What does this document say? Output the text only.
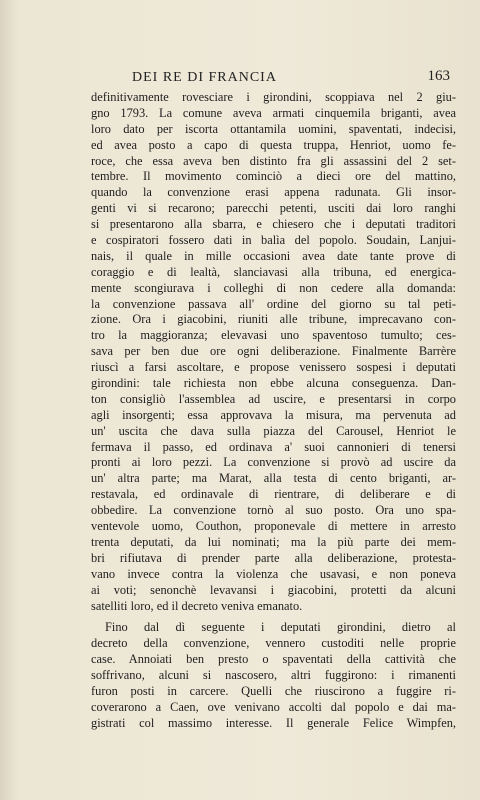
DEI RE DI FRANCIA	163
definitivamente rovesciare i girondini, scoppiava nel 2 giu-
gno 1793. La comune aveva armati cinquemila briganti, avea
loro dato per iscorta ottantamila uomini, spaventati, indecisi,
ed avea posto a capo di questa truppa, Henriot, uomo fe-
roce, che essa aveva ben distinto fra gli assassini del 2 set-
tembre. Il movimento cominciò a dieci ore del mattino,
quando la convenzione erasi appena radunata. Gli insor-
genti vi si recarono; parecchi petenti, usciti dai loro ranghi
si presentarono alla sbarra, e chiesero che i deputati traditori
e cospiratori fossero dati in balìa del popolo. Soudain, Lanjui-
nais, il quale in mille occasioni avea date tante prove di
coraggio e di lealtà, slanciavasi alla tribuna, ed energica-
mente scongiurava i colleghi di non cedere alla domanda:
la convenzione passava all' ordine del giorno su tal peti-
zione. Ora i giacobini, riuniti alle tribune, imprecavano con-
tro la maggioranza; elevavasi uno spaventoso tumulto; ces-
sava per ben due ore ogni deliberazione. Finalmente Barrère
riuscì a farsi ascoltare, e propose venissero sospesi i deputati
girondini: tale richiesta non ebbe alcuna conseguenza. Dan-
ton consigliò l'assemblea ad uscire, e presentarsi in corpo
agli insorgenti; essa approvava la misura, ma pervenuta ad
un' uscita che dava sulla piazza del Carousel, Henriot le
fermava il passo, ed ordinava a' suoi cannonieri di tenersi
pronti ai loro pezzi. La convenzione si provò ad uscire da
un' altra parte; ma Marat, alla testa di cento briganti, ar-
restavala, ed ordinavale di rientrare, di deliberare e di
obbedire. La convenzione tornò al suo posto. Ora uno spa-
ventevole uomo, Couthon, proponevale di mettere in arresto
trenta deputati, da lui nominati; ma la più parte dei mem-
bri rifiutava di prender parte alla deliberazione, protesta-
vano invece contra la violenza che usavasi, e non poneva
ai voti; senonchè levavansi i giacobini, protetti da alcuni
satelliti loro, ed il decreto veniva emanato.
Fino dal dì seguente i deputati girondini, dietro al
decreto della convenzione, vennero custoditi nelle proprie
case. Annoiati ben presto o spaventati della cattività che
soffrivano, alcuni si nascosero, altri fuggirono: i rimanenti
furon posti in carcere. Quelli che riuscirono a fuggire ri-
coverarono a Caen, ove venivano accolti dal popolo e dai ma-
gistrati col massimo interesse. Il generale Felice Wimpfen,
